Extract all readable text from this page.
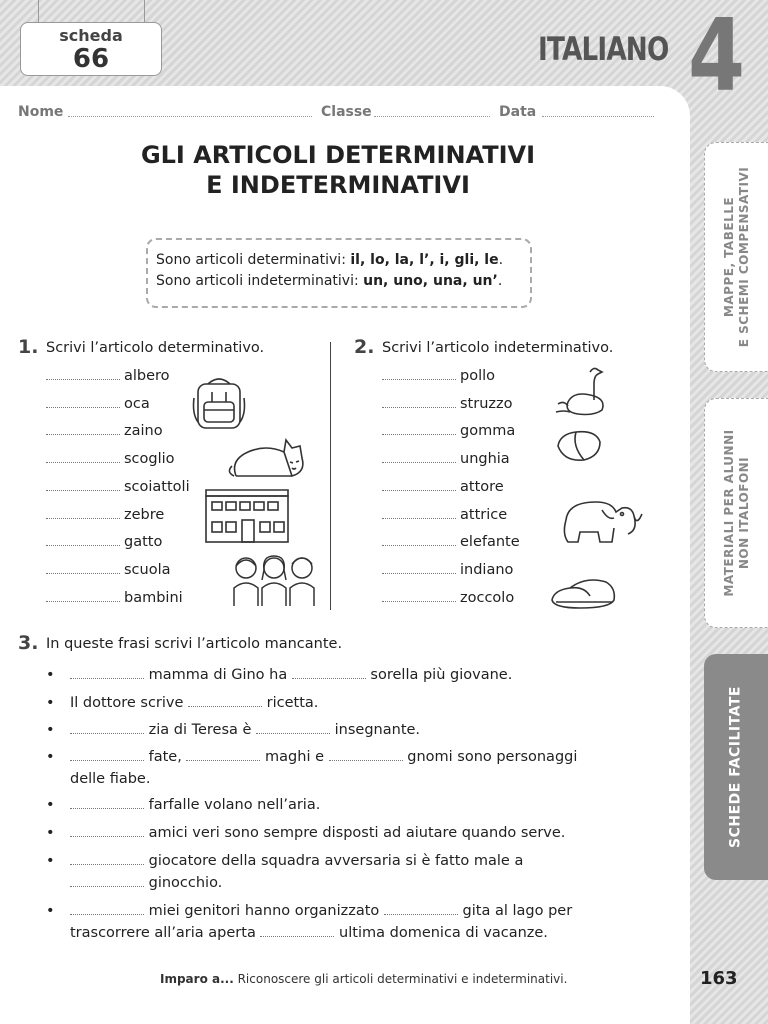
scheda
66	ITALIANO 4
MAPPE, TABELLE
E SCHEMI COMPENSATIVI
MATERIALI PER ALUNNI
NON ITALOFONI
SCHEDE FACILITATE
Nome	Classe	Data
GLI ARTICOLI DETERMINATIVI
E INDETERMINATIVI
Sono articoli determinativi: il, lo, la, l’, i, gli, le.
Sono articoli indeterminativi: un, uno, una, un’.
1. Scrivi l’articolo determinativo.
albero
oca
zaino
scoglio
scoiattoli
zebre
gatto
scuola
bambini
2. Scrivi l’articolo indeterminativo.
pollo
struzzo
gomma
unghia
attore
attrice
elefante
indiano
zoccolo
3. In queste frasi scrivi l’articolo mancante.
•	mamma di Gino ha	sorella più giovane.
• Il dottore scrive	ricetta.
•	zia di Teresa è	insegnante.
•	fate,	maghi e	gnomi sono personaggi delle fiabe.
•	farfalle volano nell’aria.
•	amici veri sono sempre disposti ad aiutare quando serve.
•	giocatore della squadra avversaria si è fatto male a  ginocchio.
•	miei genitori hanno organizzato	gita al lago per trascorrere all’aria aperta	ultima domenica di vacanze.
Imparo a... Riconoscere gli articoli determinativi e indeterminativi.	163
